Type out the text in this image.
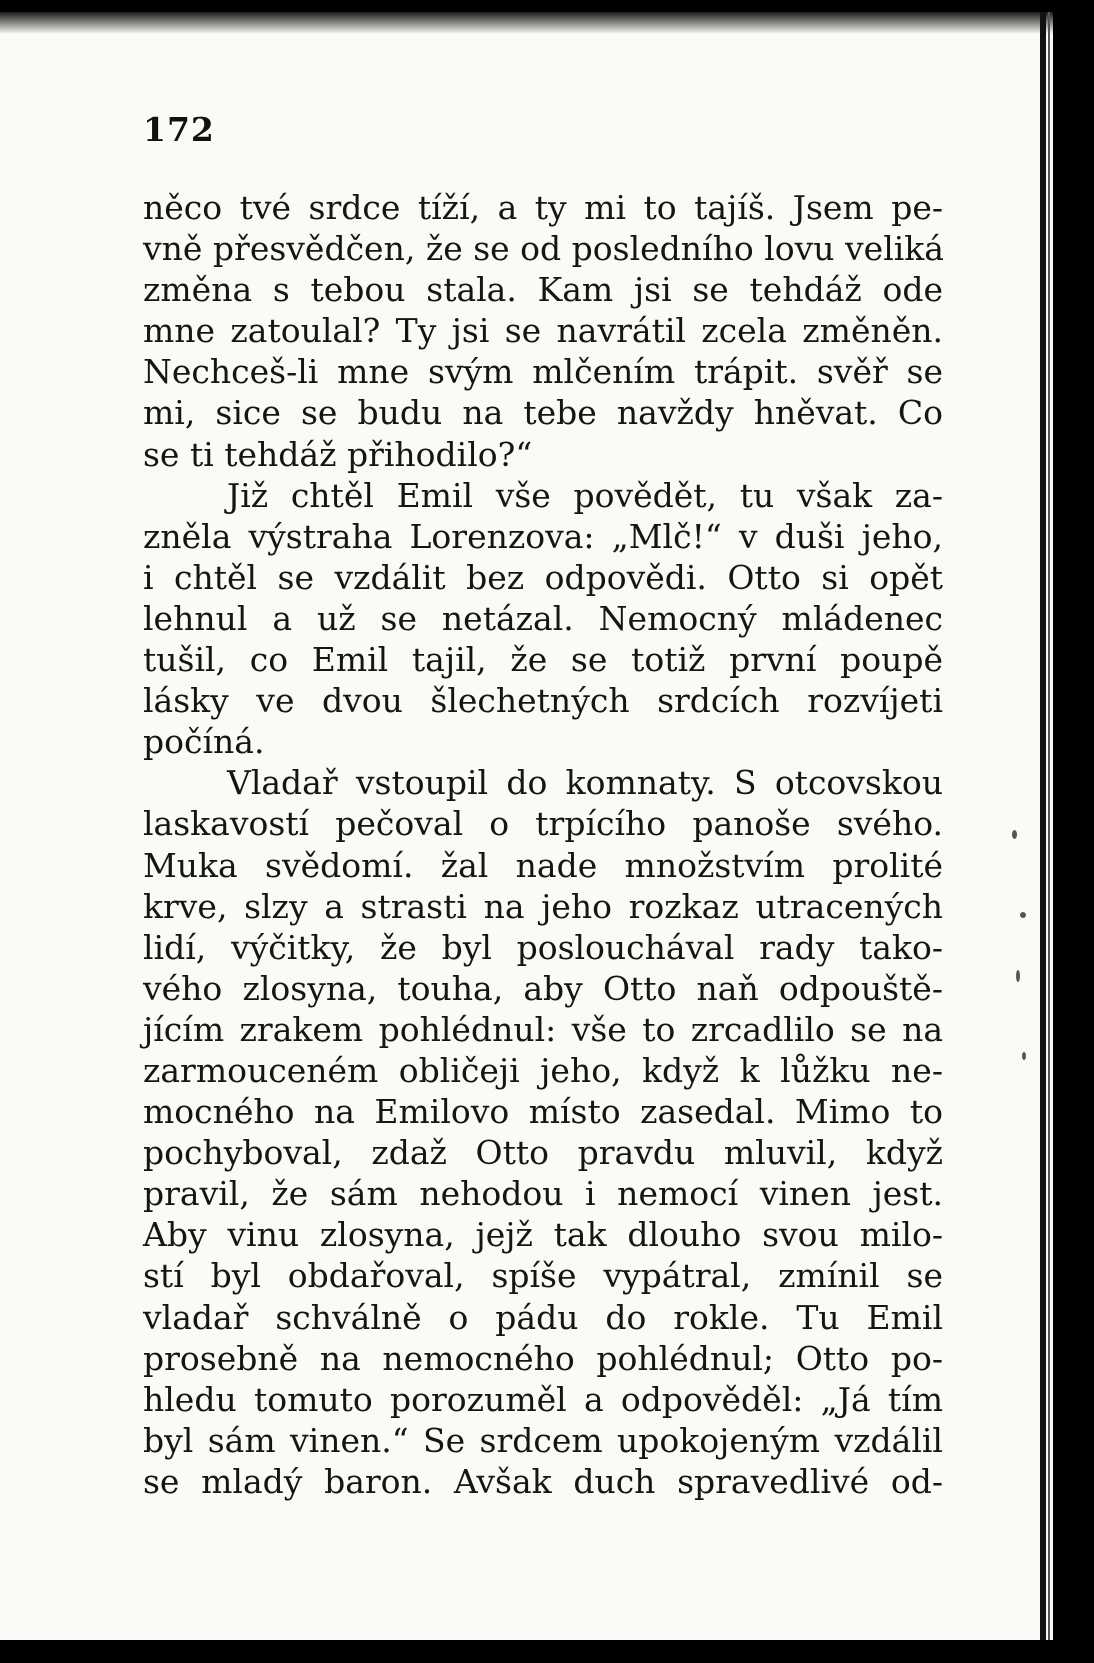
172
něco tvé srdce tíží, a ty mi to tajíš. Jsem pe-
vně přesvědčen, že se od posledního lovu veliká
změna s tebou stala. Kam jsi se tehdáž ode
mne zatoulal? Ty jsi se navrátil zcela změněn.
Nechceš-li mne svým mlčením trápit. svěř se
mi, sice se budu na tebe navždy hněvat. Co
se ti tehdáž přihodilo?“
Již chtěl Emil vše povědět, tu však za-
zněla výstraha Lorenzova: „Mlč!“ v duši jeho,
i chtěl se vzdálit bez odpovědi. Otto si opět
lehnul a už se netázal. Nemocný mládenec
tušil, co Emil tajil, že se totiž první poupě
lásky ve dvou šlechetných srdcích rozvíjeti
počíná.
Vladař vstoupil do komnaty. S otcovskou
laskavostí pečoval o trpícího panoše svého.
Muka svědomí. žal nade množstvím prolité
krve, slzy a strasti na jeho rozkaz utracených
lidí, výčitky, že byl poslouchával rady tako-
vého zlosyna, touha, aby Otto naň odpouště-
jícím zrakem pohlédnul: vše to zrcadlilo se na
zarmouceném obličeji jeho, když k lůžku ne-
mocného na Emilovo místo zasedal. Mimo to
pochyboval, zdaž Otto pravdu mluvil, když
pravil, že sám nehodou i nemocí vinen jest.
Aby vinu zlosyna, jejž tak dlouho svou milo-
stí byl obdařoval, spíše vypátral, zmínil se
vladař schválně o pádu do rokle. Tu Emil
prosebně na nemocného pohlédnul; Otto po-
hledu tomuto porozuměl a odpověděl: „Já tím
byl sám vinen.“ Se srdcem upokojeným vzdálil
se mladý baron. Avšak duch spravedlivé od-
